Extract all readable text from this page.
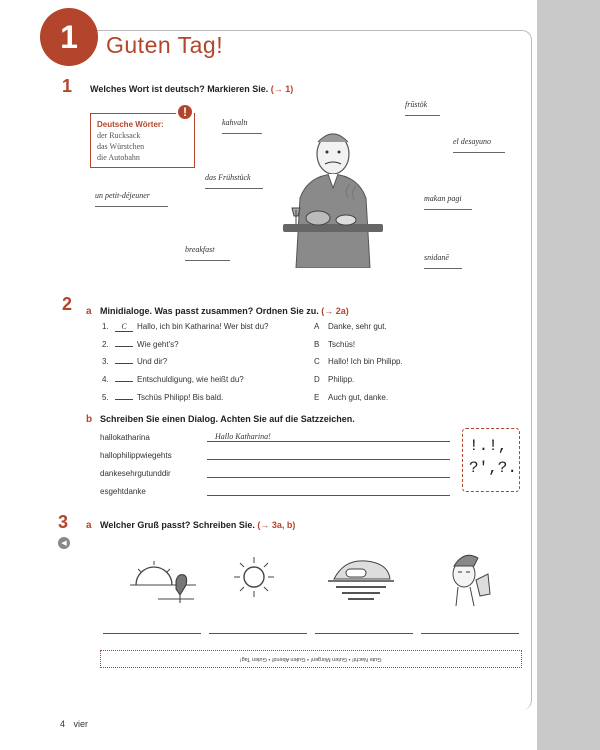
1	Guten Tag!
1 Welches Wort ist deutsch? Markieren Sie. (→ 1)
Deutsche Wörter:
der Rucksack
das Würstchen
die Autobahn
!
frūstök
kahvaltı
el desayuno
das Frühstück
un petit-déjeuner	makan pagi
breakfast
snidanē
2 a Minidialoge. Was passt zusammen? Ordnen Sie zu. (→ 2a)
1. C Hallo, ich bin Katharina! Wer bist du?
2.	Wie geht's?
3.	Und dir?
4.	Entschuldigung, wie heißt du?
5.	Tschüs Philipp! Bis bald.
A Danke, sehr gut.
B Tschüs!
C Hallo! Ich bin Philipp.
D Philipp.
E Auch gut, danke.
b Schreiben Sie einen Dialog. Achten Sie auf die Satzzeichen.
hallokatharina
hallophilippwiegehts
dankesehrgutunddir
esgehtdanke
Hallo Katharina!
!.!,
?',?.
3
◀
a Welcher Gruß passt? Schreiben Sie. (→ 3a, b)
Gute Nacht! • Guten Morgen! • Guten Abend! • Guten Tag!
4 vier
